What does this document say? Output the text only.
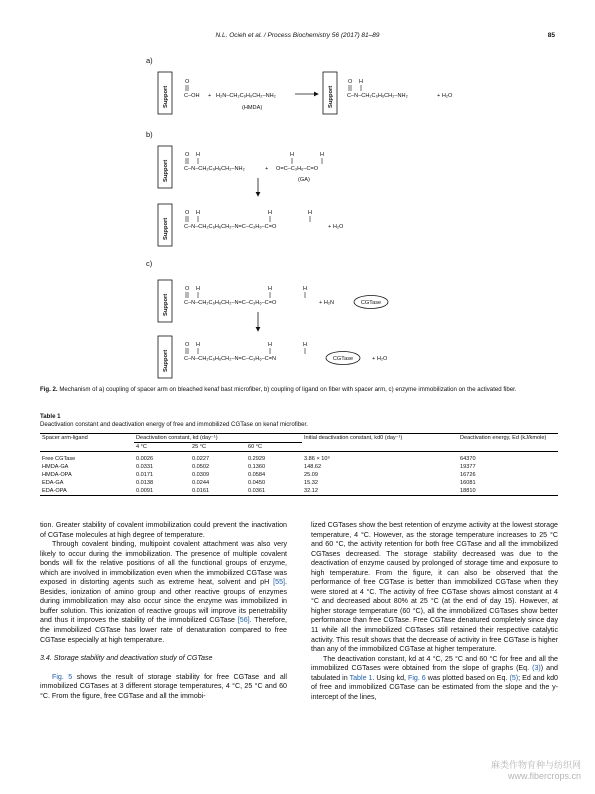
N.L. Ocieh et al. / Process Biochemistry 56 (2017) 81–89	85
a)
Support
O
C–OH + H₂N–CH₂C₆H₆CH₂–NH₂
(HMDA)	Support
O H
C–N–CH₂C₆H₆CH₂–NH₂	+ H₂O
b)
Support
O H
C–N–CH₂C₆H₆CH₂–NH₂	+
H	H
O=C–C₃H₆–C=O
(GA)
Support
O H	H	H
C–N–CH₂C₆H₆CH₂–N=C–C₃H₆–C=O	+ H₂O
c)
Support
O H	H	H
C–N–CH₂C₆H₆CH₂–N=C–C₃H₆–C=O	+ H₂N	CGTase
Support
O H	H	H
C–N–CH₂C₆H₆CH₂–N=C–C₃H₆–C=N	CGTase	+ H₂O
Fig. 2. Mechanism of a) coupling of spacer arm on bleached kenaf bast microfiber, b) coupling of ligand on fiber with spacer arm, c) enzyme immobilization on the activated fiber.
Table 1
Deactivation constant and deactivation energy of free and immobilized CGTase on kenaf microfiber.
Spacer arm-ligand	Deactivation constant, kd (day⁻¹)			Initial deactivation constant, kd0 (day⁻¹)	Deactivation energy, Ed (kJ/kmole)
	4 °C	25 °C	60 °C		
Free CGTase	0.0026	0.0227	0.2929	3.86 × 10⁹	64370
HMDA-GA	0.0331	0.0502	0.1360	148.62	19377
HMDA-OPA	0.0171	0.0309	0.0584	25.09	16726
EDA-GA	0.0138	0.0244	0.0450	15.32	16081
EDA-OPA	0.0091	0.0161	0.0361	32.12	18810

tion. Greater stability of covalent immobilization could prevent the inactivation of CGTase molecules at high degree of temperature.

Through covalent binding, multipoint covalent attachment was also very likely to occur during the immobilization. The presence of multiple covalent bonds will fix the relative positions of all the functional groups of enzyme, which are involved in immobilization even when the immobilized CGTase was exposed in distorting agents such as extreme heat, solvent and pH [55]. Besides, ionization of amino group and other reactive groups of enzymes during immobilization may also occur since the enzyme was immobilized in buffer solution. This ionization of reactive groups will improve its penetrability and thus it improves the stability of the immobilized CGTase [56]. Therefore, the immobilized CGTase has lower rate of denaturation compared to free CGTase especially at high temperature.

3.4. Storage stability and deactivation study of CGTase

Fig. 5 shows the result of storage stability for free CGTase and all immobilized CGTases at 3 different storage temperatures, 4 °C, 25 °C and 60 °C. From the figure, free CGTase and all the immobi-

lized CGTases show the best retention of enzyme activity at the lowest storage temperature, 4 °C. However, as the storage temperature increases to 25 °C and 60 °C, the activity retention for both free CGTase and all the immobilized CGTases decreased. The storage stability decreased was due to the deactivation of enzyme caused by prolonged of storage time and exposure to high temperature. From the figure, it can also be observed that the performance of free CGTase is better than immobilized CGTase when they were stored at 4 °C. The activity of free CGTase shows almost constant at 4 °C and decreased about 80% at 25 °C (at the end of day 15). However, at higher storage temperature (60 °C), all the immobilized CGTases show better performance than free CGTase. Free CGTase denatured completely since day 11 while all the immobilized CGTases still retained their respective catalytic activity. This result shows that the decrease of activity in free CGTase is higher than any of the immobilized CGTase at higher temperature.

The deactivation constant, kd at 4 °C, 25 °C and 60 °C for free and all the immobilized CGTases were obtained from the slope of graphs (Eq. (3)) and tabulated in Table 1. Using kd, Fig. 6 was plotted based on Eq. (5); Ed and kd0 of free and immobilized CGTase can be estimated from the slope and the y-intercept of the lines,

麻类作物育种与纺织网
www.fibercrops.cn
